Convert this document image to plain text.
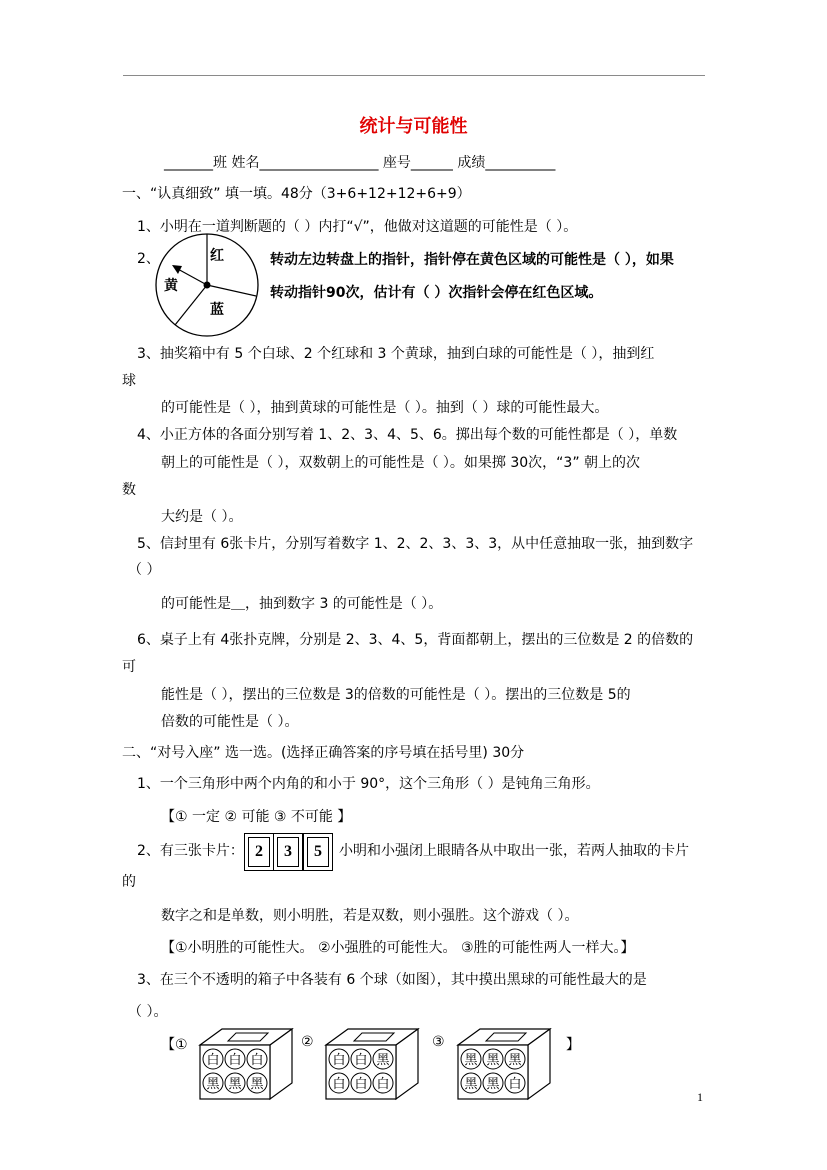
统计与可能性
_______班 姓名_________________ 座号______ 成绩__________
一、“认真细致” 填一填。48分（3+6+12+12+6+9）
1、小明在一道判断题的（ ）内打“√”，他做对这道题的可能性是（ ）。
2、	红
黄
蓝
转动左边转盘上的指针，指针停在黄色区域的可能性是（ ），如果
转动指针90次，估计有（ ）次指针会停在红色区域。
3、抽奖箱中有 5 个白球、2 个红球和 3 个黄球，抽到白球的可能性是（ ），抽到红
球
的可能性是（ ），抽到黄球的可能性是（ ）。抽到（ ）球的可能性最大。
4、小正方体的各面分别写着 1、2、3、4、5、6。掷出每个数的可能性都是（ ），单数
朝上的可能性是（ ），双数朝上的可能性是（ ）。如果掷 30次，“3” 朝上的次
数
大约是（ ）。
5、信封里有 6张卡片，分别写着数字 1、2、2、3、3、3，从中任意抽取一张，抽到数字
（ ）
的可能性是＿，抽到数字 3 的可能性是（ ）。
6、桌子上有 4张扑克牌，分别是 2、3、4、5，背面都朝上，摆出的三位数是 2 的倍数的
可
能性是（ ），摆出的三位数是 3的倍数的可能性是（ ）。摆出的三位数是 5的
倍数的可能性是（ ）。
二、“对号入座” 选一选。(选择正确答案的序号填在括号里) 30分
1、一个三角形中两个内角的和小于 90°，这个三角形（ ）是钝角三角形。
【① 一定 ② 可能 ③ 不可能 】
2、有三张卡片： 2	3	5	小明和小强闭上眼睛各从中取出一张，若两人抽取的卡片
的
数字之和是单数，则小明胜，若是双数，则小强胜。这个游戏（ ）。
【①小明胜的可能性大。 ②小强胜的可能性大。 ③胜的可能性两人一样大。】
3、在三个不透明的箱子中各装有 6 个球（如图），其中摸出黑球的可能性最大的是
（ ）。
【①	②	③	】
白 白 白
黑 黑 黑
白 白 黑
白 白 白
黑 黑 黑
黑 黑 白
1
